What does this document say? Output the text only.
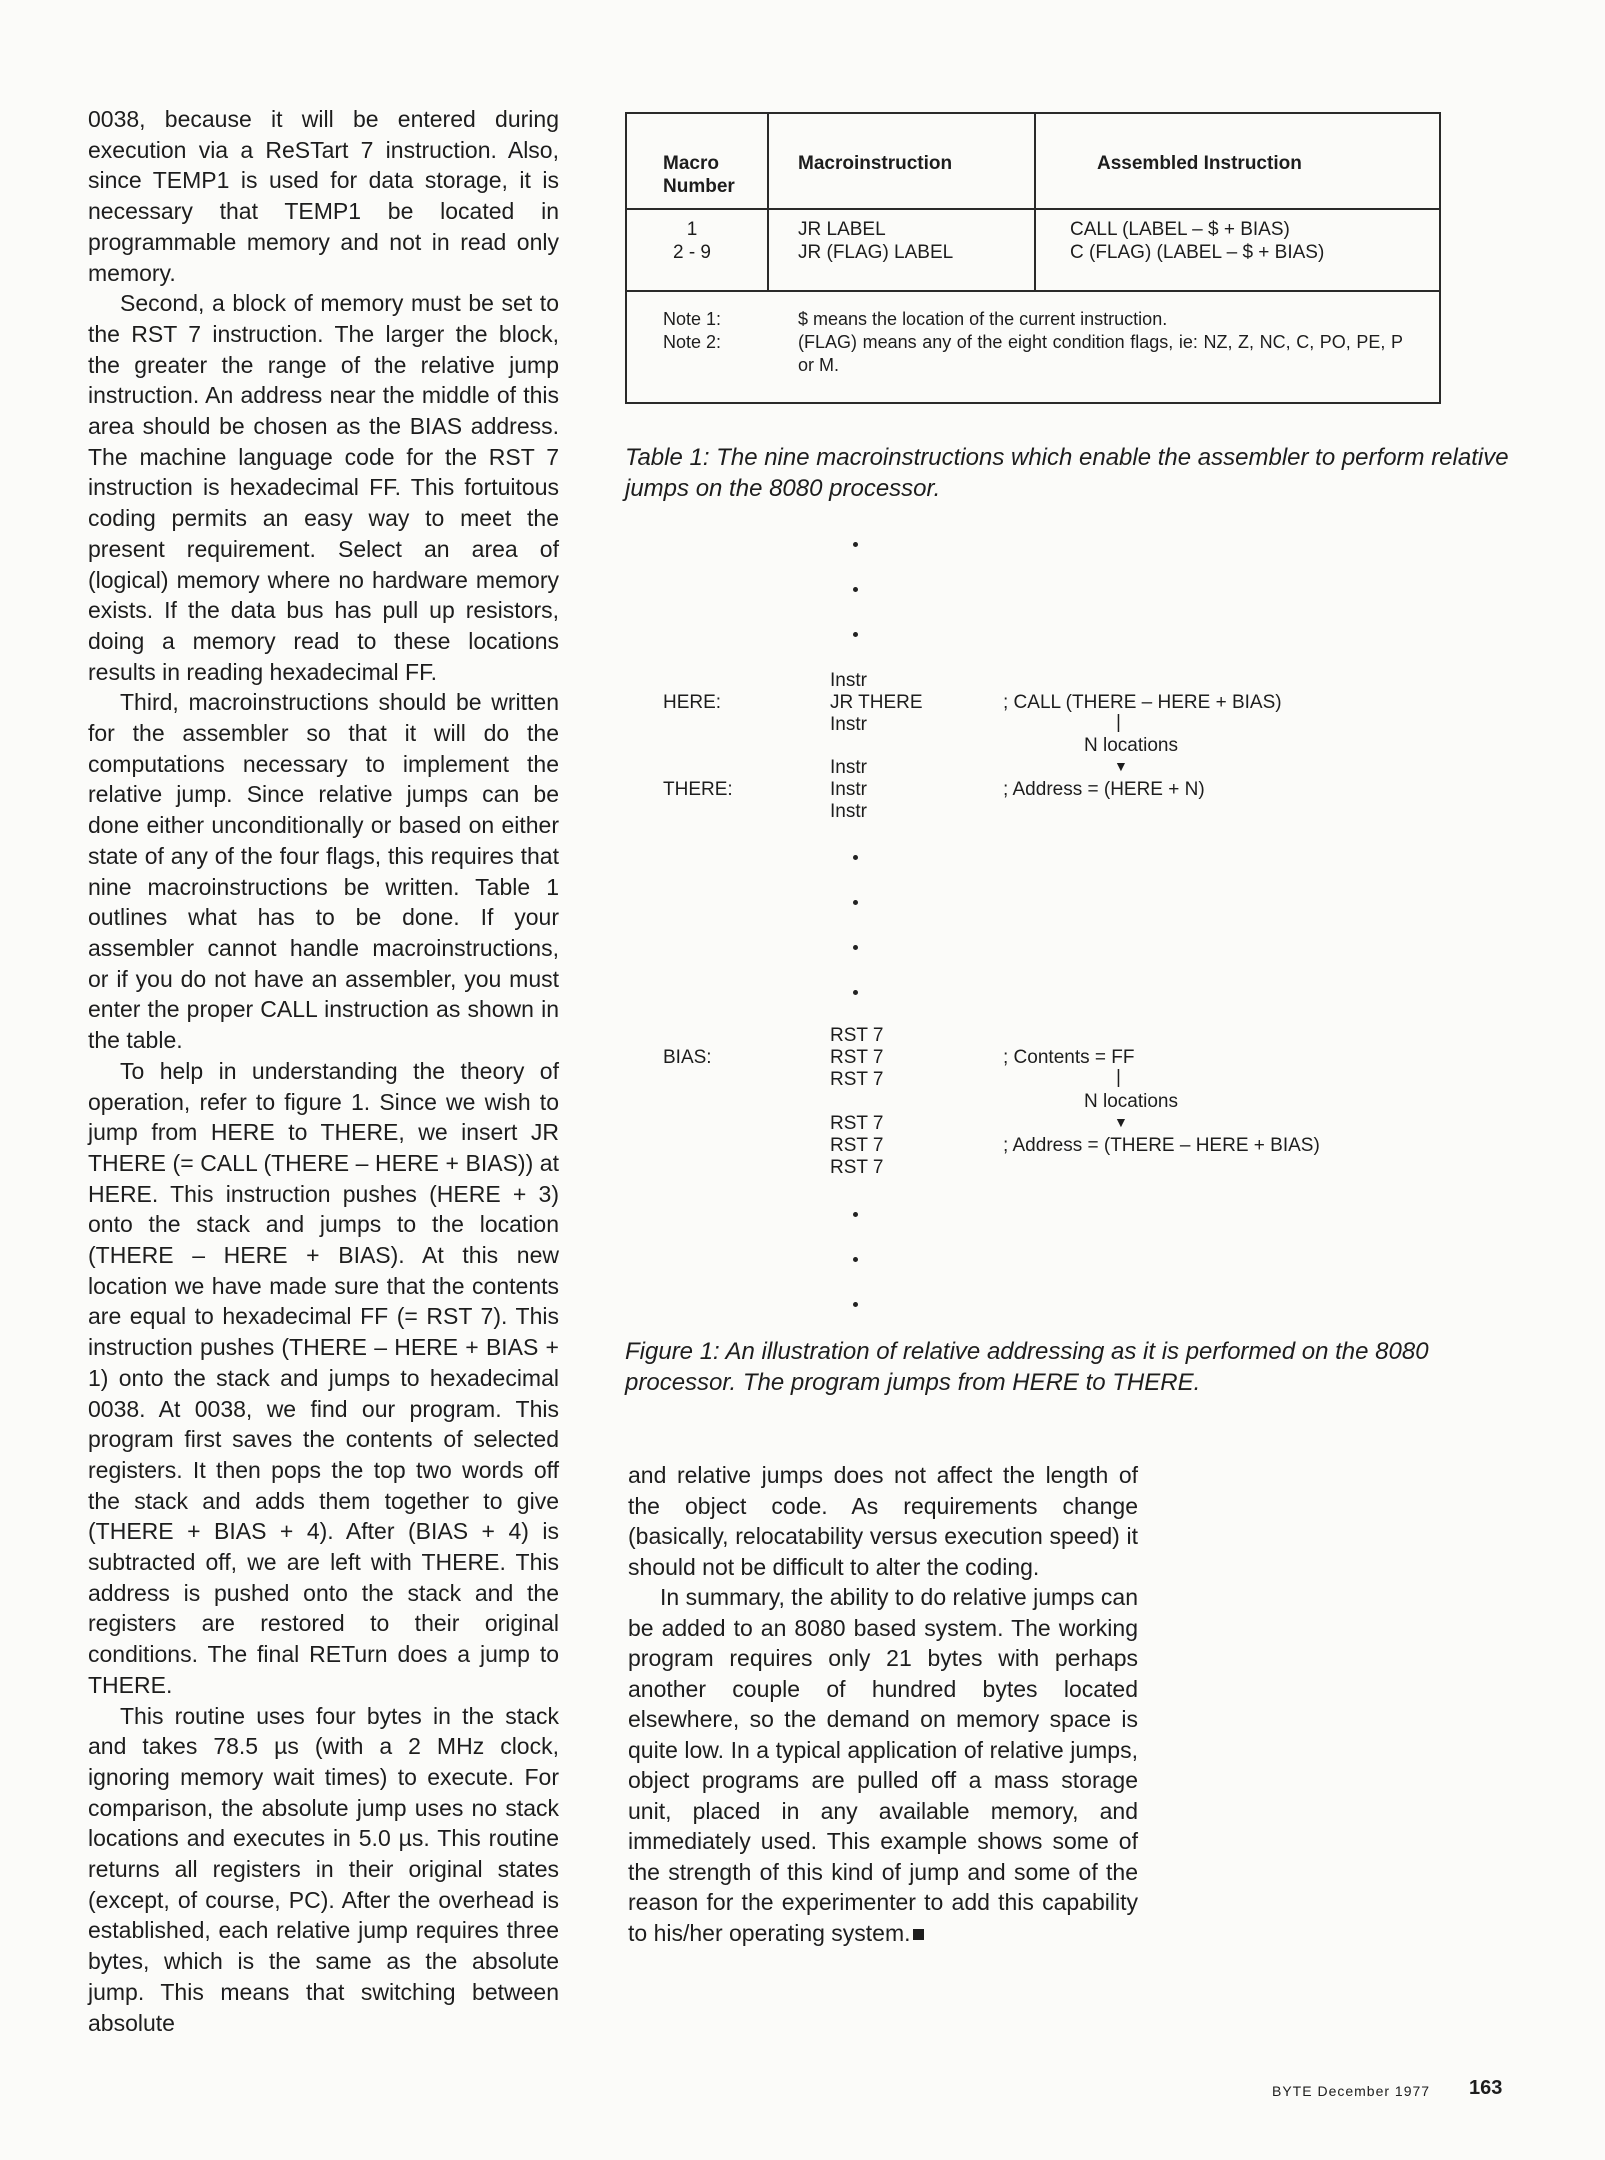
0038, because it will be entered during execution via a ReSTart 7 instruction. Also, since TEMP1 is used for data storage, it is necessary that TEMP1 be located in programmable memory and not in read only memory.

Second, a block of memory must be set to the RST 7 instruction. The larger the block, the greater the range of the relative jump instruction. An address near the middle of this area should be chosen as the BIAS address. The machine language code for the RST 7 instruction is hexadecimal FF. This fortuitous coding permits an easy way to meet the present requirement. Select an area of (logical) memory where no hardware memory exists. If the data bus has pull up resistors, doing a memory read to these locations results in reading hexadecimal FF.

Third, macroinstructions should be written for the assembler so that it will do the computations necessary to implement the relative jump. Since relative jumps can be done either unconditionally or based on either state of any of the four flags, this requires that nine macroinstructions be written. Table 1 outlines what has to be done. If your assembler cannot handle macroinstructions, or if you do not have an assembler, you must enter the proper CALL instruction as shown in the table.

To help in understanding the theory of operation, refer to figure 1. Since we wish to jump from HERE to THERE, we insert JR THERE (= CALL (THERE – HERE + BIAS)) at HERE. This instruction pushes (HERE + 3) onto the stack and jumps to the location (THERE – HERE + BIAS). At this new location we have made sure that the contents are equal to hexadecimal FF (= RST 7). This instruction pushes (THERE – HERE + BIAS + 1) onto the stack and jumps to hexadecimal 0038. At 0038, we find our program. This program first saves the contents of selected registers. It then pops the top two words off the stack and adds them together to give (THERE + BIAS + 4). After (BIAS + 4) is subtracted off, we are left with THERE. This address is pushed onto the stack and the registers are restored to their original conditions. The final RETurn does a jump to THERE.

This routine uses four bytes in the stack and takes 78.5 µs (with a 2 MHz clock, ignoring memory wait times) to execute. For comparison, the absolute jump uses no stack locations and executes in 5.0 µs. This routine returns all registers in their original states (except, of course, PC). After the overhead is established, each relative jump requires three bytes, which is the same as the absolute jump. This means that switching between absolute

Macro Number
Macroinstruction	Assembled Instruction
1	JR LABEL	CALL (LABEL – $ + BIAS)
2 - 9	JR (FLAG) LABEL	C (FLAG) (LABEL – $ + BIAS)
Note 1:	$ means the location of the current instruction.
Note 2:	(FLAG) means any of the eight condition flags, ie: NZ, Z, NC, C, PO, PE, P or M.
Table 1: The nine macroinstructions which enable the assembler to perform relative jumps on the 8080 processor.
Instr
HERE:	JR THERE	; CALL (THERE – HERE + BIAS)
Instr	|
N locations
Instr	▼
THERE:	Instr	; Address = (HERE + N)
Instr
RST 7
BIAS:	RST 7	; Contents = FF
RST 7	|
N locations
RST 7	▼
RST 7	; Address = (THERE – HERE + BIAS)
RST 7
Figure 1: An illustration of relative addressing as it is performed on the 8080 processor. The program jumps from HERE to THERE.

and relative jumps does not affect the length of the object code. As requirements change (basically, relocatability versus execution speed) it should not be difficult to alter the coding.

In summary, the ability to do relative jumps can be added to an 8080 based system. The working program requires only 21 bytes with perhaps another couple of hundred bytes located elsewhere, so the demand on memory space is quite low. In a typical application of relative jumps, object programs are pulled off a mass storage unit, placed in any available memory, and immediately used. This example shows some of the strength of this kind of jump and some of the reason for the experimenter to add this capability to his/her operating system.

BYTE December 1977 163
